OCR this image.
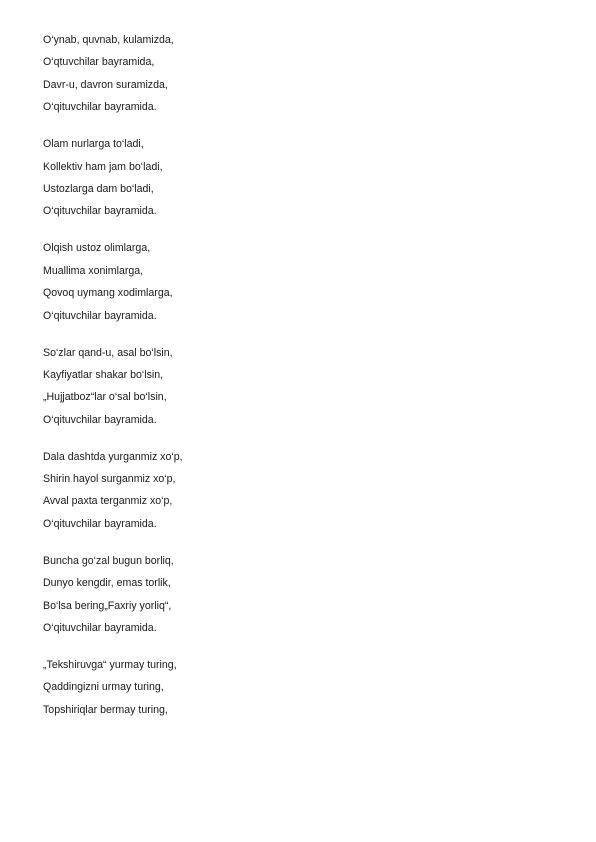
O‘ynab, quvnab, kulamizda,
O‘qtuvchilar bayramida,
Davr-u, davron suramizda,
O‘qituvchilar bayramida.
Olam nurlarga to‘ladi,
Kollektiv ham jam bo‘ladi,
Ustozlarga dam bo‘ladi,
O‘qituvchilar bayramida.
Olqish ustoz olimlarga,
Muallima xonimlarga,
Qovoq uymang xodimlarga,
O‘qituvchilar bayramida.
So‘zlar qand-u, asal bo‘lsin,
Kayfiyatlar shakar bo‘lsin,
„Hujjatboz“lar o‘sal bo‘lsin,
O‘qituvchilar bayramida.
Dala dashtda yurganmiz xo‘p,
Shirin hayol surganmiz xo‘p,
Avval paxta terganmiz xo‘p,
O‘qituvchilar bayramida.
Buncha go‘zal bugun borliq,
Dunyo kengdir, emas torlik,
Bo‘lsa bering„Faxriy yorliq“,
O‘qituvchilar bayramida.
„Tekshiruvga“ yurmay turing,
Qaddingizni urmay turing,
Topshiriqlar bermay turing,
